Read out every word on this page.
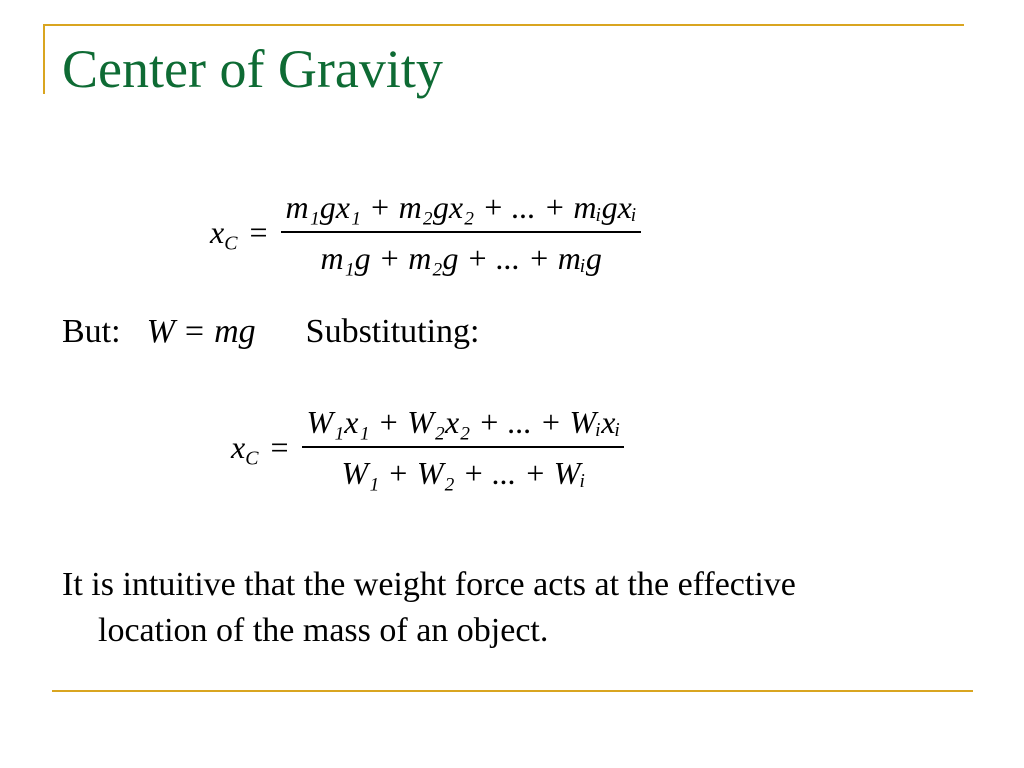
Center of Gravity
$x_C = \frac{\text{m₁gx₁ + m₂gx₂ + ... + mᵢgxᵢ}}{\text{m₁g + m₂g + ... + mᵢg}}$
But: W = mg Substituting:
$x_C = \frac{\text{W₁x₁ + W₂x₂ + ... + Wᵢxᵢ}}{\text{W₁ + W₂ + ... + Wᵢ}}$
It is intuitive that the weight force acts at the effective location of the mass of an object.
